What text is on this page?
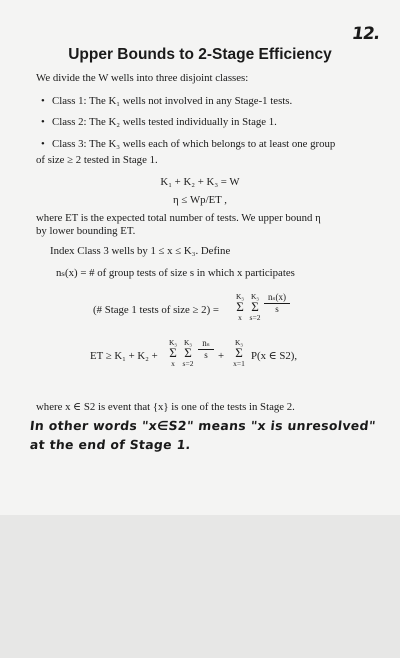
12.
Upper Bounds to 2-Stage Efficiency
We divide the W wells into three disjoint classes:
• Class 1: The K₁ wells not involved in any Stage-1 tests.
• Class 2: The K₂ wells tested individually in Stage 1.
• Class 3: The K₃ wells each of which belongs to at least one group
of size ≥ 2 tested in Stage 1.
K₁ + K₂ + K₃ = W
η ≤ Wp/ET ,
where ET is the expected total number of tests. We upper bound η
by lower bounding ET.
Index Class 3 wells by 1 ≤ x ≤ K₃. Define
nₛ(x) = # of group tests of size s in which x participates
(# Stage 1 tests of size ≥ 2) =
K₃
Σ
x
K₃
Σ
s=2
nₛ(x)
s
ET ≥ K₁ + K₂ +
K₃
Σ
x
K₃
Σ
s=2
nₛ
s +
K₃
Σ
x=1
P(x ∈ S2),
where x ∈ S2 is event that {x} is one of the tests in Stage 2.
In other words "x∈S2" means "x is unresolved"
at the end of Stage 1.
